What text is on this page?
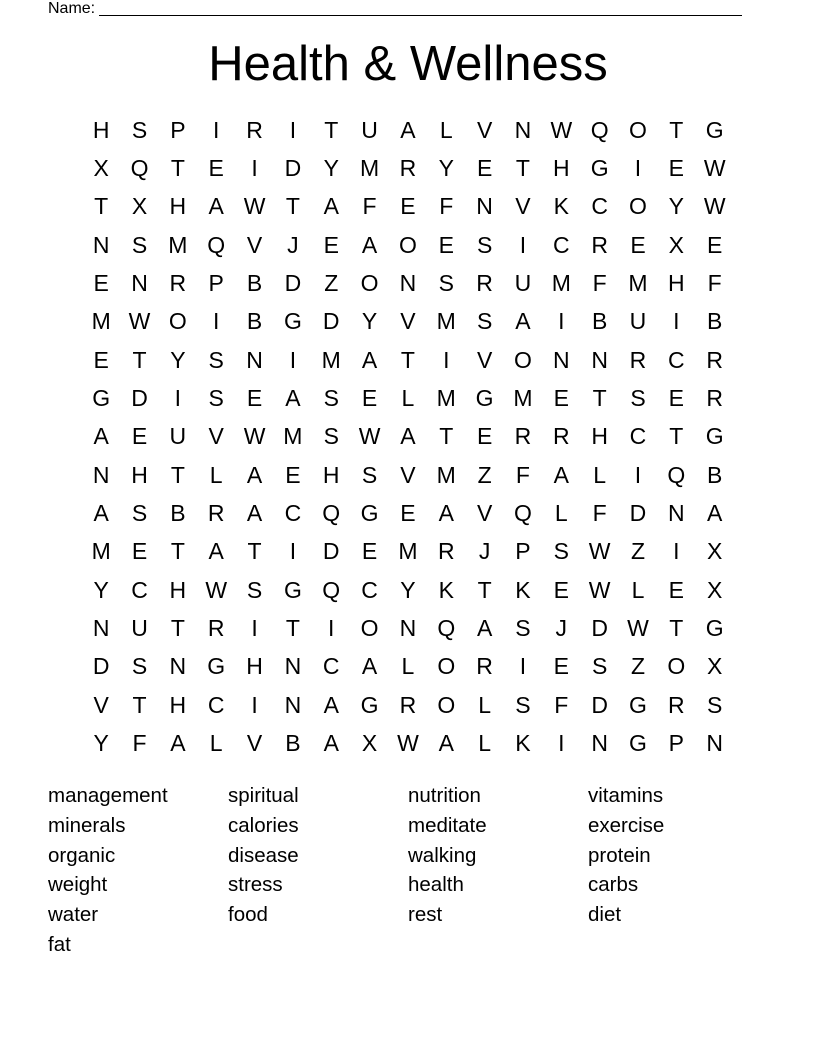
Name:
Health & Wellness
H S	P	I	R	I	T	U A	L	V N W Q O T G
X Q T	E	I	D Y M R Y	E	T	H G	I	E W
T	X H A W T	A	F	E	F	N V	K C O Y W
N S M Q V	J	E	A O E	S	I	C R E	X	E
E N R P	B D	Z O N S R U M F M H	F
M W O	I	B G D Y	V M S	A	I	B U	I	B
E	T	Y	S N	I	M A	T	I	V O N N R C R
G D	I	S	E	A	S	E	L M G M E	T	S	E R
A	E U V W M S W A	T	E R R H C	T G
N H	T	L	A	E H S	V M Z	F	A	L	I	Q B
A	S	B R A C Q G E	A	V Q	L	F	D N A
M E	T	A	T	I	D E M R	J	P	S W Z	I	X
Y C H W S G Q C Y	K	T	K	E W L	E	X
N U	T	R	I	T	I	O N Q A	S	J	D W T G
D S N G H N C A	L	O R	I	E	S	Z O X
V	T	H C	I	N A G R O	L	S	F	D G R S
Y	F	A	L	V	B	A	X W A	L	K	I	N G P N
management	spiritual	nutrition	vitamins
minerals	calories	meditate	exercise
organic	disease	walking	protein
weight	stress	health	carbs
water	food	rest	diet
fat
